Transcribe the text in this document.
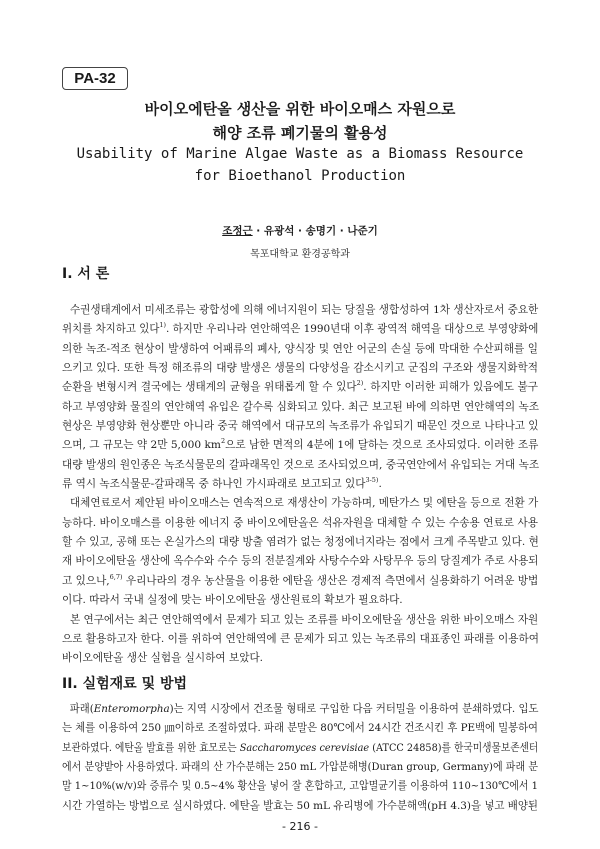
PA-32
바이오에탄올 생산을 위한 바이오매스 자원으로
해양 조류 폐기물의 활용성
Usability of Marine Algae Waste as a Biomass Resource
for Bioethanol Production
조정근 · 유광석 · 송명기 · 나준기
목포대학교 환경공학과
I. 서 론
수권생태계에서 미세조류는 광합성에 의해 에너지원이 되는 당질을 생합성하여 1차 생산자로서 중요한
위치를 차지하고 있다$^{1)}$. 하지만 우리나라 연안해역은 1990년대 이후 광역적 해역을 대상으로 부영양화에
의한 녹조-적조 현상이 발생하여 어패류의 폐사, 양식장 및 연안 어군의 손실 등에 막대한 수산피해를 일
으키고 있다. 또한 특정 해조류의 대량 발생은 생물의 다양성을 감소시키고 군집의 구조와 생물지화학적
순환을 변형시켜 결국에는 생태계의 균형을 위태롭게 할 수 있다$^{2)}$. 하지만 이러한 피해가 있음에도 불구
하고 부영양화 물질의 연안해역 유입은 갈수록 심화되고 있다. 최근 보고된 바에 의하면 연안해역의 녹조
현상은 부영양화 현상뿐만 아니라 중국 해역에서 대규모의 녹조류가 유입되기 때문인 것으로 나타나고 있
으며, 그 규모는 약 2만 5,000 $km^2$으로 남한 면적의 4분에 1에 달하는 것으로 조사되었다. 이러한 조류
대량 발생의 원인종은 녹조식물문의 갈파래목인 것으로 조사되었으며, 중국연안에서 유입되는 거대 녹조
류 역시 녹조식물문-갈파래목 중 하나인 가시파래로 보고되고 있다$^{3-5)}$.
대체연료로서 제안된 바이오매스는 연속적으로 재생산이 가능하며, 메탄가스 및 에탄올 등으로 전환 가
능하다. 바이오매스를 이용한 에너지 중 바이오에탄올은 석유자원을 대체할 수 있는 수송용 연료로 사용
할 수 있고, 공해 또는 온실가스의 대량 방출 염려가 없는 청정에너지라는 점에서 크게 주목받고 있다. 현
재 바이오에탄올 생산에 옥수수와 수수 등의 전분질계와 사탕수수와 사탕무우 등의 당질계가 주로 사용되
고 있으나,$^{6,7)}$ 우리나라의 경우 농산물을 이용한 에탄올 생산은 경제적 측면에서 실용화하기 어려운 방법
이다. 따라서 국내 실정에 맞는 바이오에탄올 생산원료의 확보가 필요하다.
본 연구에서는 최근 연안해역에서 문제가 되고 있는 조류를 바이오에탄올 생산을 위한 바이오매스 자원
으로 활용하고자 한다. 이를 위하여 연안해역에 큰 문제가 되고 있는 녹조류의 대표종인 파래를 이용하여
바이오에탄올 생산 실험을 실시하여 보았다.
II. 실험재료 및 방법
파래(Enteromorpha)는 지역 시장에서 건조물 형태로 구입한 다음 커터밀을 이용하여 분쇄하였다. 입도
는 체를 이용하여 250 ㎛이하로 조절하였다. 파래 분말은 80℃에서 24시간 건조시킨 후 PE백에 밀봉하여
보관하였다. 에탄올 발효를 위한 효모로는 Saccharomyces cerevisiae (ATCC 24858)를 한국미생물보존센터
에서 분양받아 사용하였다. 파래의 산 가수분해는 250 mL 가압분해병(Duran group, Germany)에 파래 분
말 1~10%(w/v)와 증류수 및 0.5~4% 황산을 넣어 잘 혼합하고, 고압멸균기를 이용하여 110~130℃에서 1
시간 가열하는 방법으로 실시하였다. 에탄올 발효는 50 mL 유리병에 가수분해액(pH 4.3)을 넣고 배양된
- 216 -
